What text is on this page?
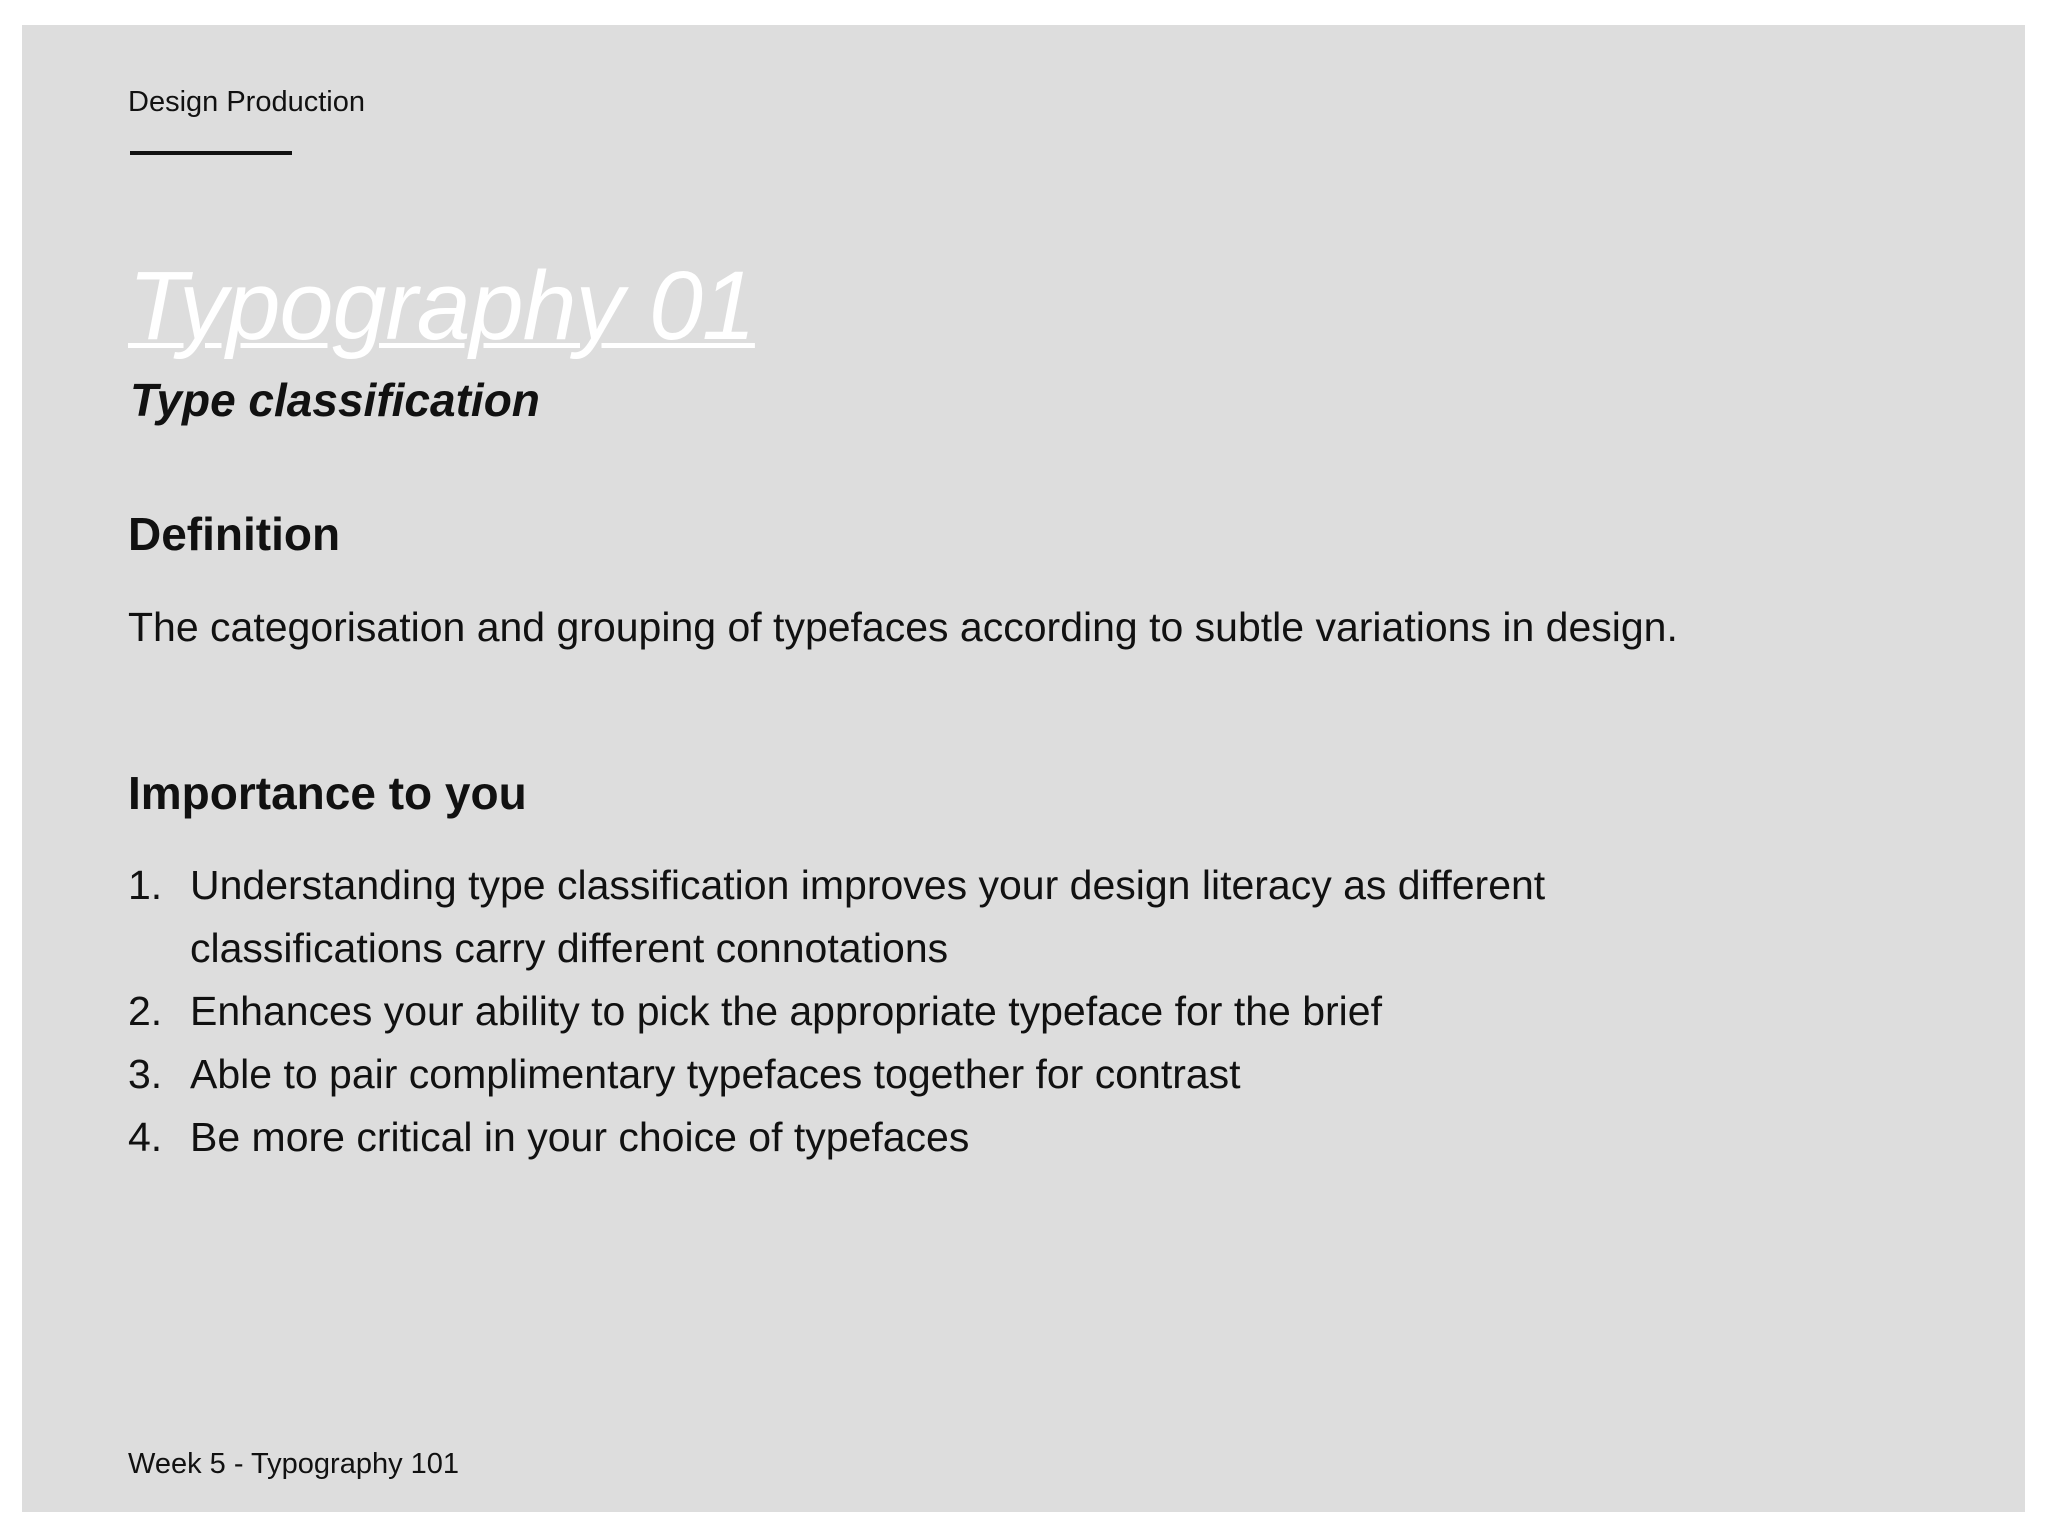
Design Production

Typography 01
Type classification
Definition

The categorisation and grouping of typefaces according to subtle variations in design.

Importance to you
1. Understanding type classification improves your design literacy as different classifications carry different connotations
2. Enhances your ability to pick the appropriate typeface for the brief
3. Able to pair complimentary typefaces together for contrast
4. Be more critical in your choice of typefaces

Week 5 - Typography 101
